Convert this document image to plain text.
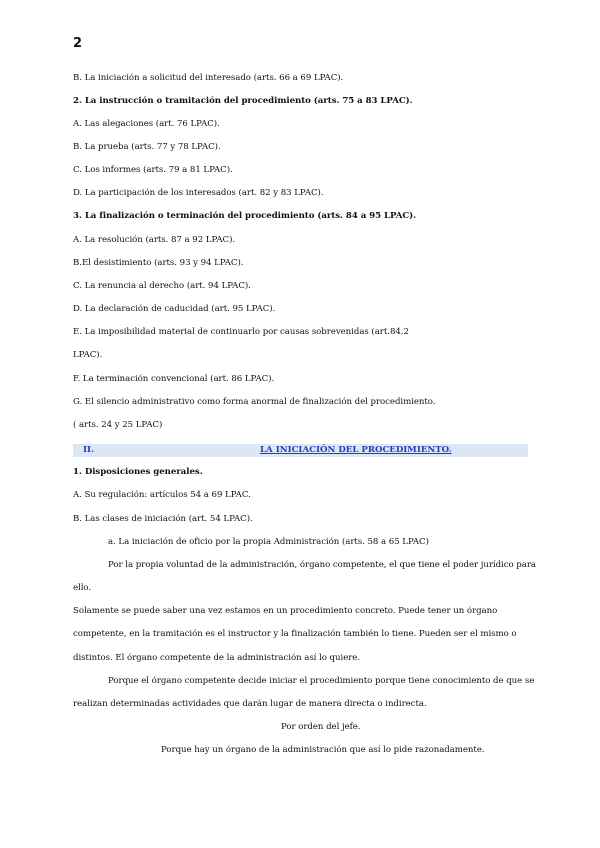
2
B. La iniciación a solicitud del interesado (arts. 66 a 69 LPAC).
2. La instrucción o tramitación del procedimiento (arts. 75 a 83 LPAC).
A. Las alegaciones (art. 76 LPAC).
B. La prueba (arts. 77 y 78 LPAC).
C. Los informes (arts. 79 a 81 LPAC).
D. La participación de los interesados (art. 82 y 83 LPAC).
3. La finalización o terminación del procedimiento (arts. 84 a 95 LPAC).
A. La resolución (arts. 87 a 92 LPAC).
B.El desistimiento (arts. 93 y 94 LPAC).
C. La renuncia al derecho (art. 94 LPAC).
D. La declaración de caducidad (art. 95 LPAC).
E. La imposibilidad material de continuarlo por causas sobrevenidas (art.84.2
LPAC).
F. La terminación convencional (art. 86 LPAC).
G. El silencio administrativo como forma anormal de finalización del procedimiento.
( arts. 24 y 25 LPAC)
II.	LA INICIACIÓN DEL PROCEDIMIENTO.
1. Disposiciones generales.
A. Su regulación: artículos 54 a 69 LPAC.
B. Las clases de iniciación (art. 54 LPAC).
a. La iniciación de oficio por la propia Administración (arts. 58 a 65 LPAC)
Por la propia voluntad de la administración, órgano competente, el que tiene el poder jurídico para
ello.
Solamente se puede saber una vez estamos en un procedimiento concreto. Puede tener un órgano
competente, en la tramitación es el instructor y la finalización también lo tiene. Pueden ser el mismo o
distintos. El órgano competente de la administración así lo quiere.
Porque el órgano competente decide iniciar el procedimiento porque tiene conocimiento de que se
realizan determinadas actividades que darán lugar de manera directa o indirecta.
Por orden del jefe.
Porque hay un órgano de la administración que así lo pide razonadamente.
